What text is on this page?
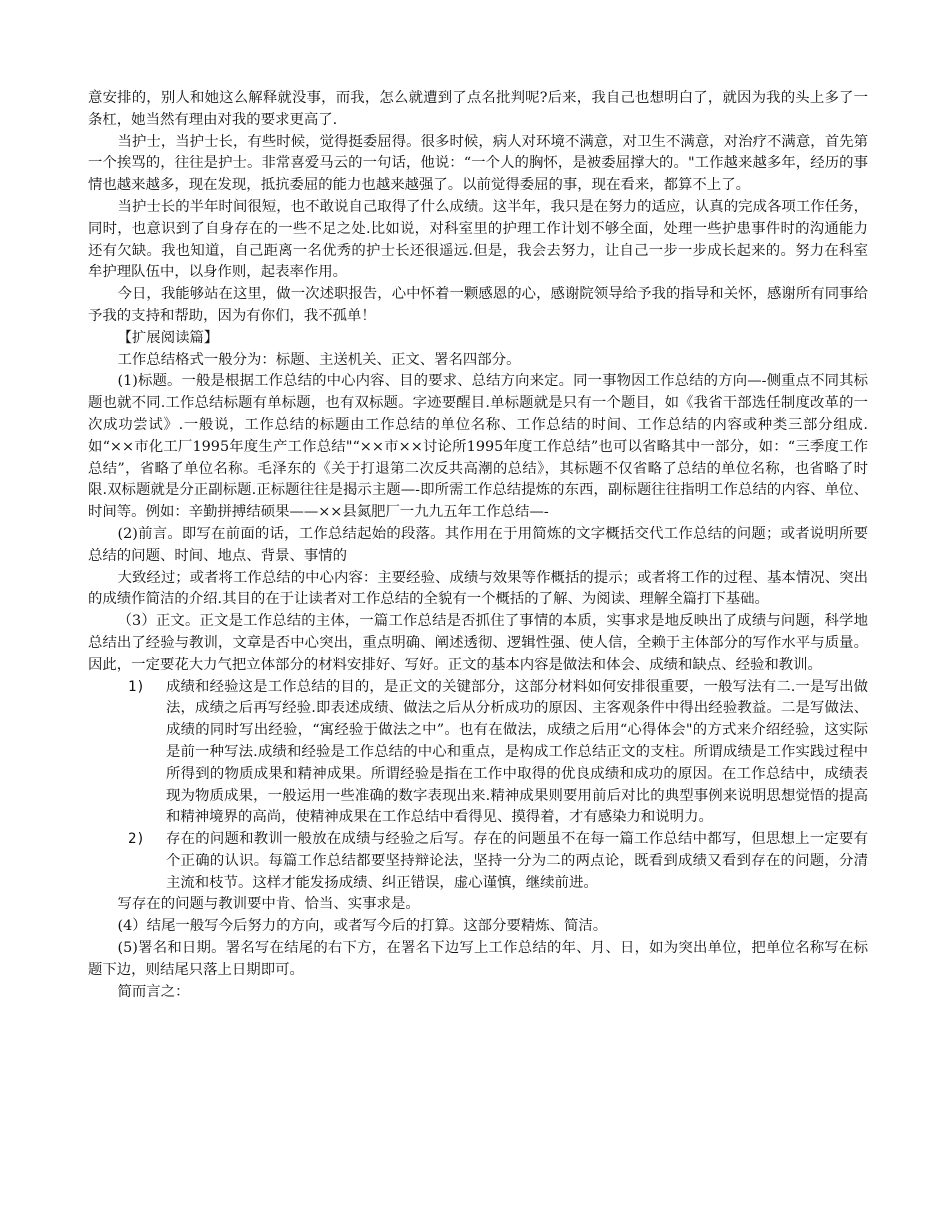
意安排的，别人和她这么解释就没事，而我，怎么就遭到了点名批判呢?后来，我自己也想明白了，就因为我的头上多了一条杠，她当然有理由对我的要求更高了.

当护士，当护士长，有些时候，觉得挺委屈得。很多时候，病人对环境不满意，对卫生不满意，对治疗不满意，首先第一个挨骂的，往往是护士。非常喜爱马云的一句话，他说：“一个人的胸怀，是被委屈撑大的。"工作越来越多年，经历的事情也越来越多，现在发现，抵抗委屈的能力也越来越强了。以前觉得委屈的事，现在看来，都算不上了。

当护士长的半年时间很短，也不敢说自己取得了什么成绩。这半年，我只是在努力的适应，认真的完成各项工作任务，同时，也意识到了自身存在的一些不足之处.比如说，对科室里的护理工作计划不够全面，处理一些护患事件时的沟通能力还有欠缺。我也知道，自己距离一名优秀的护士长还很遥远.但是，我会去努力，让自己一步一步成长起来的。努力在科室牟护理队伍中，以身作则，起表率作用。

今日，我能够站在这里，做一次述职报告，心中怀着一颗感恩的心，感谢院领导给予我的指导和关怀，感谢所有同事给予我的支持和帮助，因为有你们，我不孤单！

【扩展阅读篇】

工作总结格式一般分为：标题、主送机关、正文、署名四部分。

(1)标题。一般是根据工作总结的中心内容、目的要求、总结方向来定。同一事物因工作总结的方向—-侧重点不同其标题也就不同.工作总结标题有单标题，也有双标题。字迹要醒目.单标题就是只有一个题目，如《我省干部选任制度改革的一次成功尝试》.一般说，工作总结的标题由工作总结的单位名称、工作总结的时间、工作总结的内容或种类三部分组成.如“××市化工厂1995年度生产工作总结"“××市××讨论所1995年度工作总结”也可以省略其中一部分，如：“三季度工作总结”，省略了单位名称。毛泽东的《关于打退第二次反共高潮的总结》，其标题不仅省略了总结的单位名称，也省略了时限.双标题就是分正副标题.正标题往往是揭示主题—-即所需工作总结提炼的东西，副标题往往指明工作总结的内容、单位、时间等。例如：辛勤拼搏结硕果——××县氮肥厂一九九五年工作总结—-

(2)前言。即写在前面的话，工作总结起始的段落。其作用在于用简炼的文字概括交代工作总结的问题；或者说明所要总结的问题、时间、地点、背景、事情的

大致经过；或者将工作总结的中心内容：主要经验、成绩与效果等作概括的提示；或者将工作的过程、基本情况、突出的成绩作简洁的介绍.其目的在于让读者对工作总结的全貌有一个概括的了解、为阅读、理解全篇打下基础。

（3）正文。正文是工作总结的主体，一篇工作总结是否抓住了事情的本质，实事求是地反映出了成绩与问题，科学地总结出了经验与教训，文章是否中心突出，重点明确、阐述透彻、逻辑性强、使人信，全赖于主体部分的写作水平与质量。因此，一定要花大力气把立体部分的材料安排好、写好。正文的基本内容是做法和体会、成绩和缺点、经验和教训。

1)	成绩和经验这是工作总结的目的，是正文的关键部分，这部分材料如何安排很重要，一般写法有二.一是写出做法，成绩之后再写经验.即表述成绩、做法之后从分析成功的原因、主客观条件中得出经验教益。二是写做法、成绩的同时写出经验，“寓经验于做法之中”。也有在做法，成绩之后用“心得体会"的方式来介绍经验，这实际是前一种写法.成绩和经验是工作总结的中心和重点，是构成工作总结正文的支柱。所谓成绩是工作实践过程中所得到的物质成果和精神成果。所谓经验是指在工作中取得的优良成绩和成功的原因。在工作总结中，成绩表现为物质成果，一般运用一些准确的数字表现出来.精神成果则要用前后对比的典型事例来说明思想觉悟的提高和精神境界的高尚，使精神成果在工作总结中看得见、摸得着，才有感染力和说明力。
2)	存在的问题和教训一般放在成绩与经验之后写。存在的问题虽不在每一篇工作总结中都写，但思想上一定要有个正确的认识。每篇工作总结都要坚持辩论法，坚持一分为二的两点论，既看到成绩又看到存在的问题，分清主流和枝节。这样才能发扬成绩、纠正错误，虚心谨慎，继续前进。

写存在的问题与教训要中肯、恰当、实事求是。

(4）结尾一般写今后努力的方向，或者写今后的打算。这部分要精炼、简洁。

(5)署名和日期。署名写在结尾的右下方，在署名下边写上工作总结的年、月、日，如为突出单位，把单位名称写在标题下边，则结尾只落上日期即可。

简而言之：
